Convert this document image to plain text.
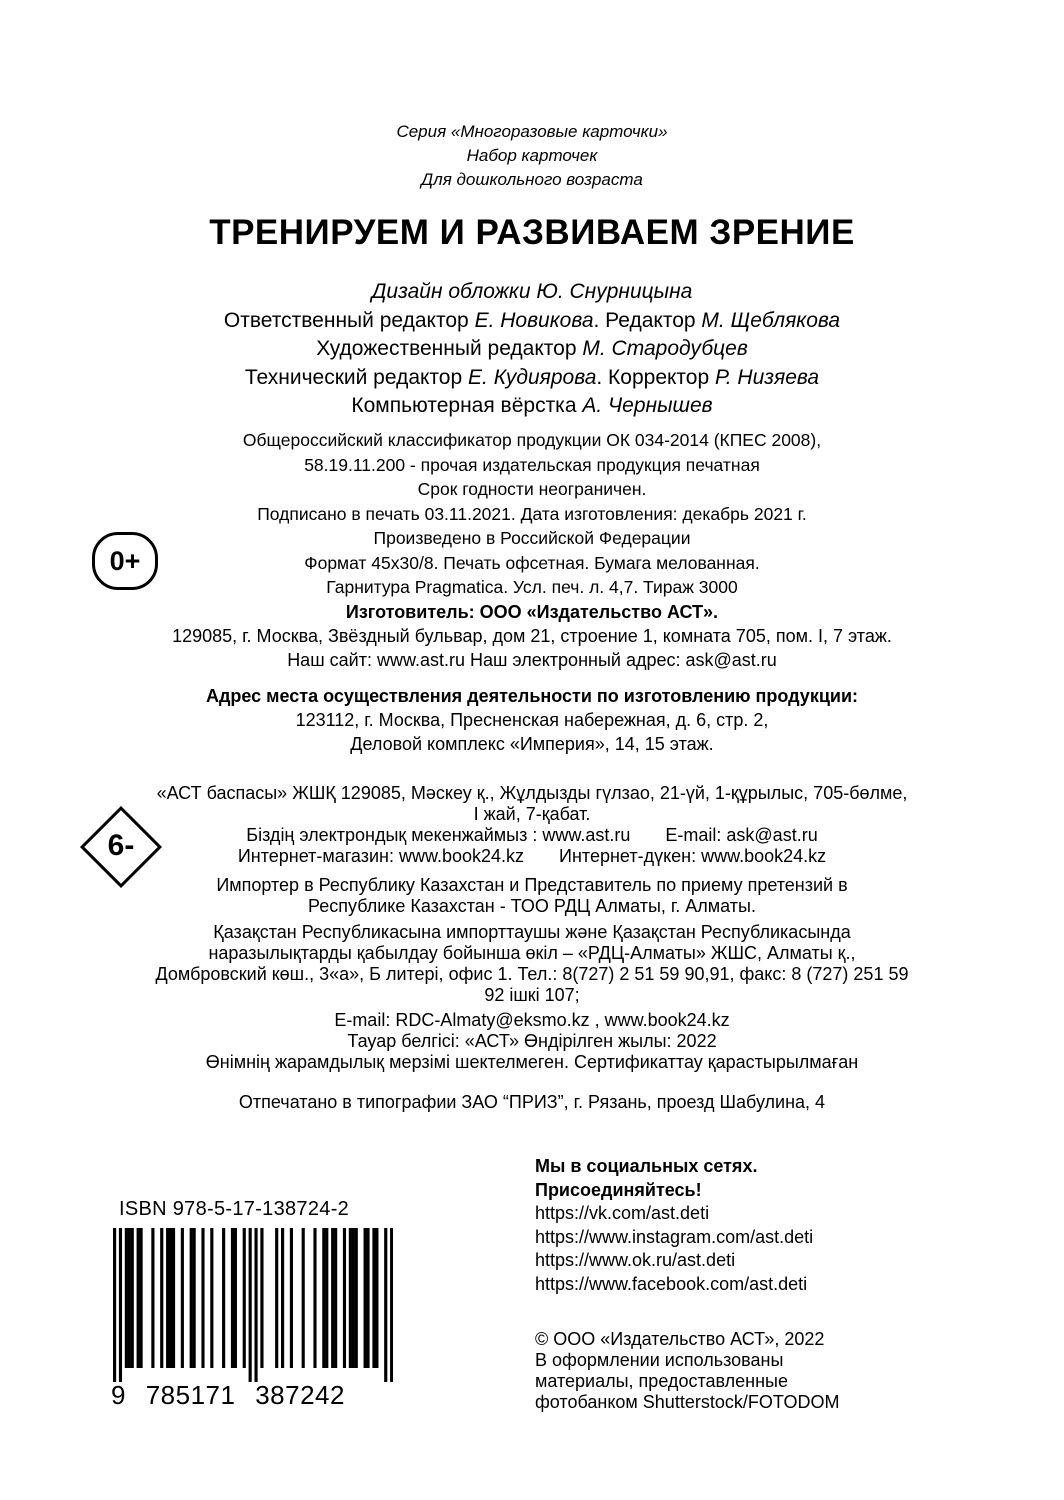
Серия «Многоразовые карточки»
Набор карточек
Для дошкольного возраста
ТРЕНИРУЕМ И РАЗВИВАЕМ ЗРЕНИЕ
Дизайн обложки Ю. Снурницына
Ответственный редактор Е. Новикова. Редактор М. Щеблякова
Художественный редактор М. Стародубцев
Технический редактор Е. Кудиярова. Корректор Р. Низяева
Компьютерная вёрстка А. Чернышев
Общероссийский классификатор продукции ОК 034-2014 (КПЕС 2008),
58.19.11.200 - прочая издательская продукция печатная
Срок годности неограничен.
Подписано в печать 03.11.2021. Дата изготовления: декабрь 2021 г.
Произведено в Российской Федерации
Формат 45х30/8. Печать офсетная. Бумага мелованная.
Гарнитура Pragmatica. Усл. печ. л. 4,7. Тираж 3000
0+
Изготовитель: ООО «Издательство АСТ».
129085, г. Москва, Звёздный бульвар, дом 21, строение 1, комната 705, пом. I, 7 этаж.
Наш сайт: www.ast.ru Наш электронный адрес: ask@ast.ru
Адрес места осуществления деятельности по изготовлению продукции:
123112, г. Москва, Пресненская набережная, д. 6, стр. 2,
Деловой комплекс «Империя», 14, 15 этаж.
6-
«АСТ баспасы» ЖШҚ 129085, Мәскеу қ., Жұлдызды гүлзао, 21-үй, 1-құрылыс, 705-бөлме,
I жай, 7-қабат.
Біздің электрондық мекенжаймыз : www.ast.ru       E-mail: ask@ast.ru
Интернет-магазин: www.book24.kz       Интернет-дүкен: www.book24.kz
Импортер в Республику Казахстан и Представитель по приему претензий в
Республике Казахстан - ТОО РДЦ Алматы, г. Алматы.
Қазақстан Республикасына импорттаушы және Қазақстан Республикасында
наразылықтарды қабылдау бойынша өкіл – «РДЦ-Алматы» ЖШС, Алматы қ.,
Домбровский көш., 3«а», Б литері, офис 1. Тел.: 8(727) 2 51 59 90,91, факс: 8 (727) 251 59
92 ішкі 107;
E-mail: RDC-Almaty@eksmo.kz , www.book24.kz
Тауар белгісі: «АСТ» Өндірілген жылы: 2022
Өнімнің жарамдылық мерзімі шектелмеген. Сертификаттау қарастырылмаған
Отпечатано в типографии ЗАО “ПРИЗ”, г. Рязань, проезд Шабулина, 4
Мы в социальных сетях.
Присоединяйтесь!
https://vk.com/ast.deti
https://www.instagram.com/ast.deti
https://www.ok.ru/ast.deti
https://www.facebook.com/ast.deti
© ООО «Издательство АСТ», 2022
В оформлении использованы
материалы, предоставленные
фотобанком Shutterstock/FOTODOM
ISBN 978-5-17-138724-2
9 785171 387242
